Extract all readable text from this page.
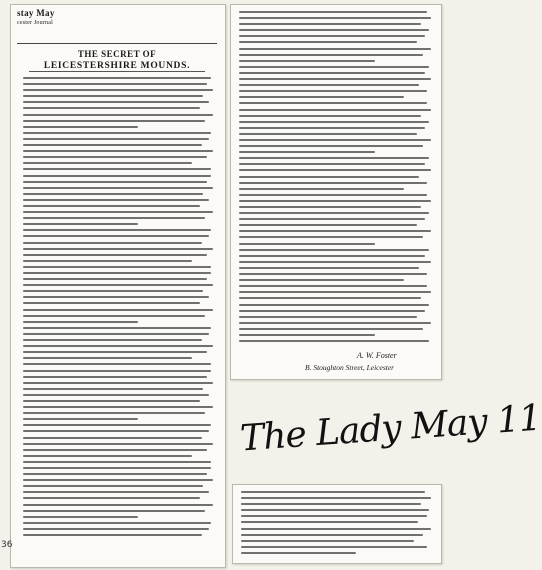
stay May
cester Journal
THE SECRET OF
LEICESTERSHIRE MOUNDS.
36
A. W. Foster
B. Stoughton Street, Leicester
The Lady May 11
